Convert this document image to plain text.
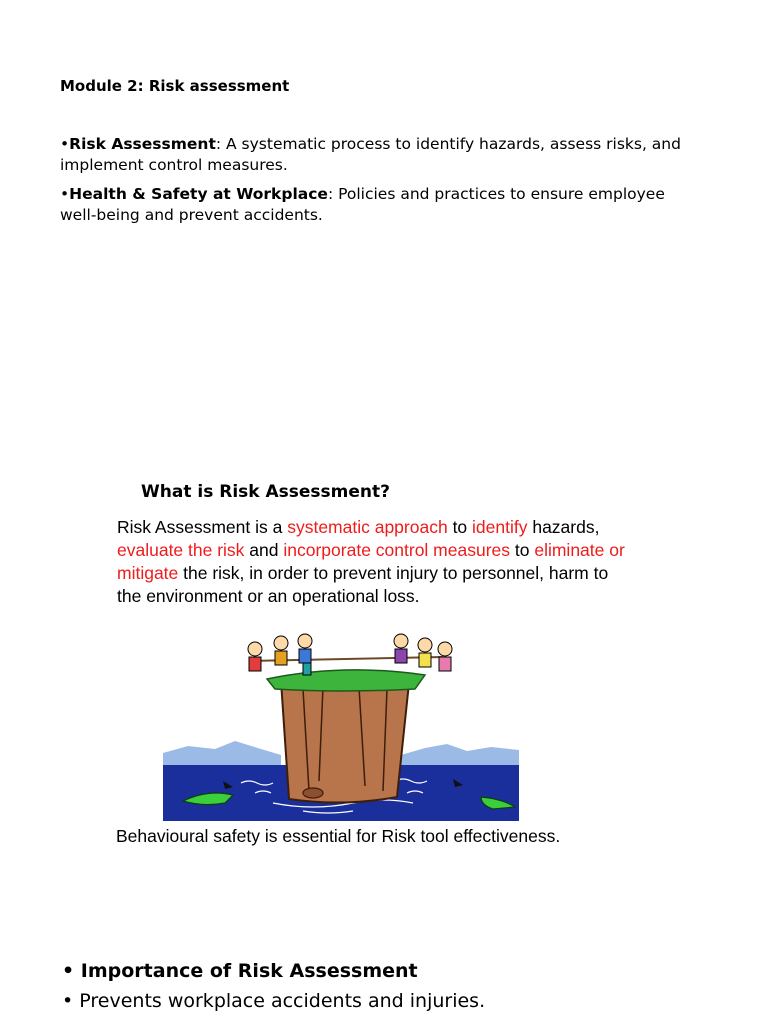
Module 2: Risk assessment
•Risk Assessment: A systematic process to identify hazards, assess risks, and implement control measures.
•Health & Safety at Workplace: Policies and practices to ensure employee well-being and prevent accidents.
What is Risk Assessment?
Risk Assessment is a systematic approach to identify hazards, evaluate the risk and incorporate control measures to eliminate or mitigate the risk, in order to prevent injury to personnel, harm to the environment or an operational loss.
Behavioural safety is essential for Risk tool effectiveness.
• Importance of Risk Assessment
• Prevents workplace accidents and injuries.
